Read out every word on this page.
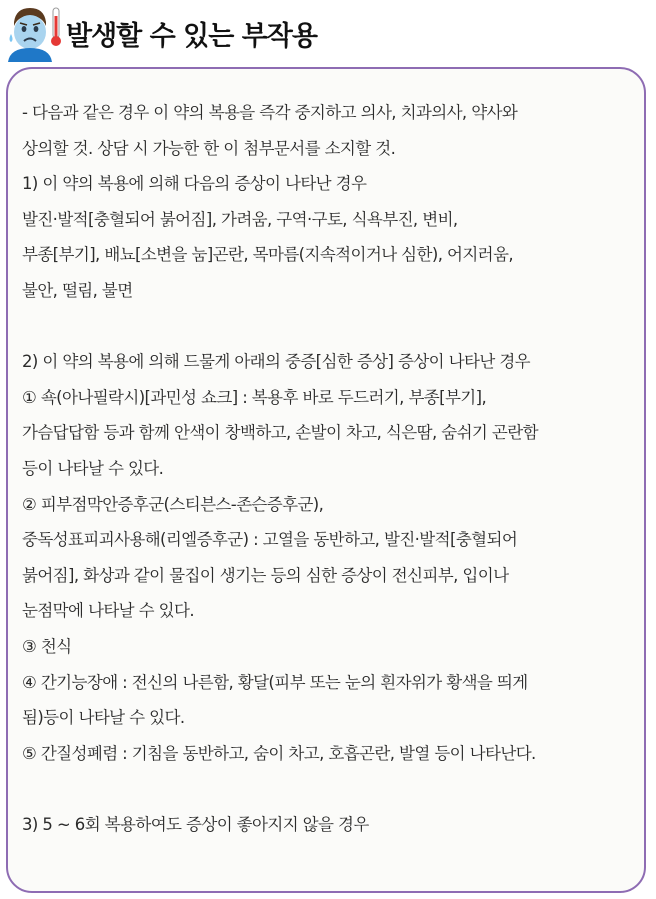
발생할 수 있는 부작용
- 다음과 같은 경우 이 약의 복용을 즉각 중지하고 의사, 치과의사, 약사와
상의할 것. 상담 시 가능한 한 이 첨부문서를 소지할 것.
1) 이 약의 복용에 의해 다음의 증상이 나타난 경우
발진·발적[충혈되어 붉어짐], 가려움, 구역·구토, 식욕부진, 변비,
부종[부기], 배뇨[소변을 눔]곤란, 목마름(지속적이거나 심한), 어지러움,
불안, 떨림, 불면
2) 이 약의 복용에 의해 드물게 아래의 중증[심한 증상] 증상이 나타난 경우
① 쇽(아나필락시)[과민성 쇼크] : 복용후 바로 두드러기, 부종[부기],
가슴답답함 등과 함께 안색이 창백하고, 손발이 차고, 식은땀, 숨쉬기 곤란함
등이 나타날 수 있다.
② 피부점막안증후군(스티븐스-존슨증후군),
중독성표피괴사용해(리엘증후군) : 고열을 동반하고, 발진·발적[충혈되어
붉어짐], 화상과 같이 물집이 생기는 등의 심한 증상이 전신피부, 입이나
눈점막에 나타날 수 있다.
③ 천식
④ 간기능장애 : 전신의 나른함, 황달(피부 또는 눈의 흰자위가 황색을 띄게
됨)등이 나타날 수 있다.
⑤ 간질성폐렴 : 기침을 동반하고, 숨이 차고, 호흡곤란, 발열 등이 나타난다.
3) 5 ~ 6회 복용하여도 증상이 좋아지지 않을 경우
